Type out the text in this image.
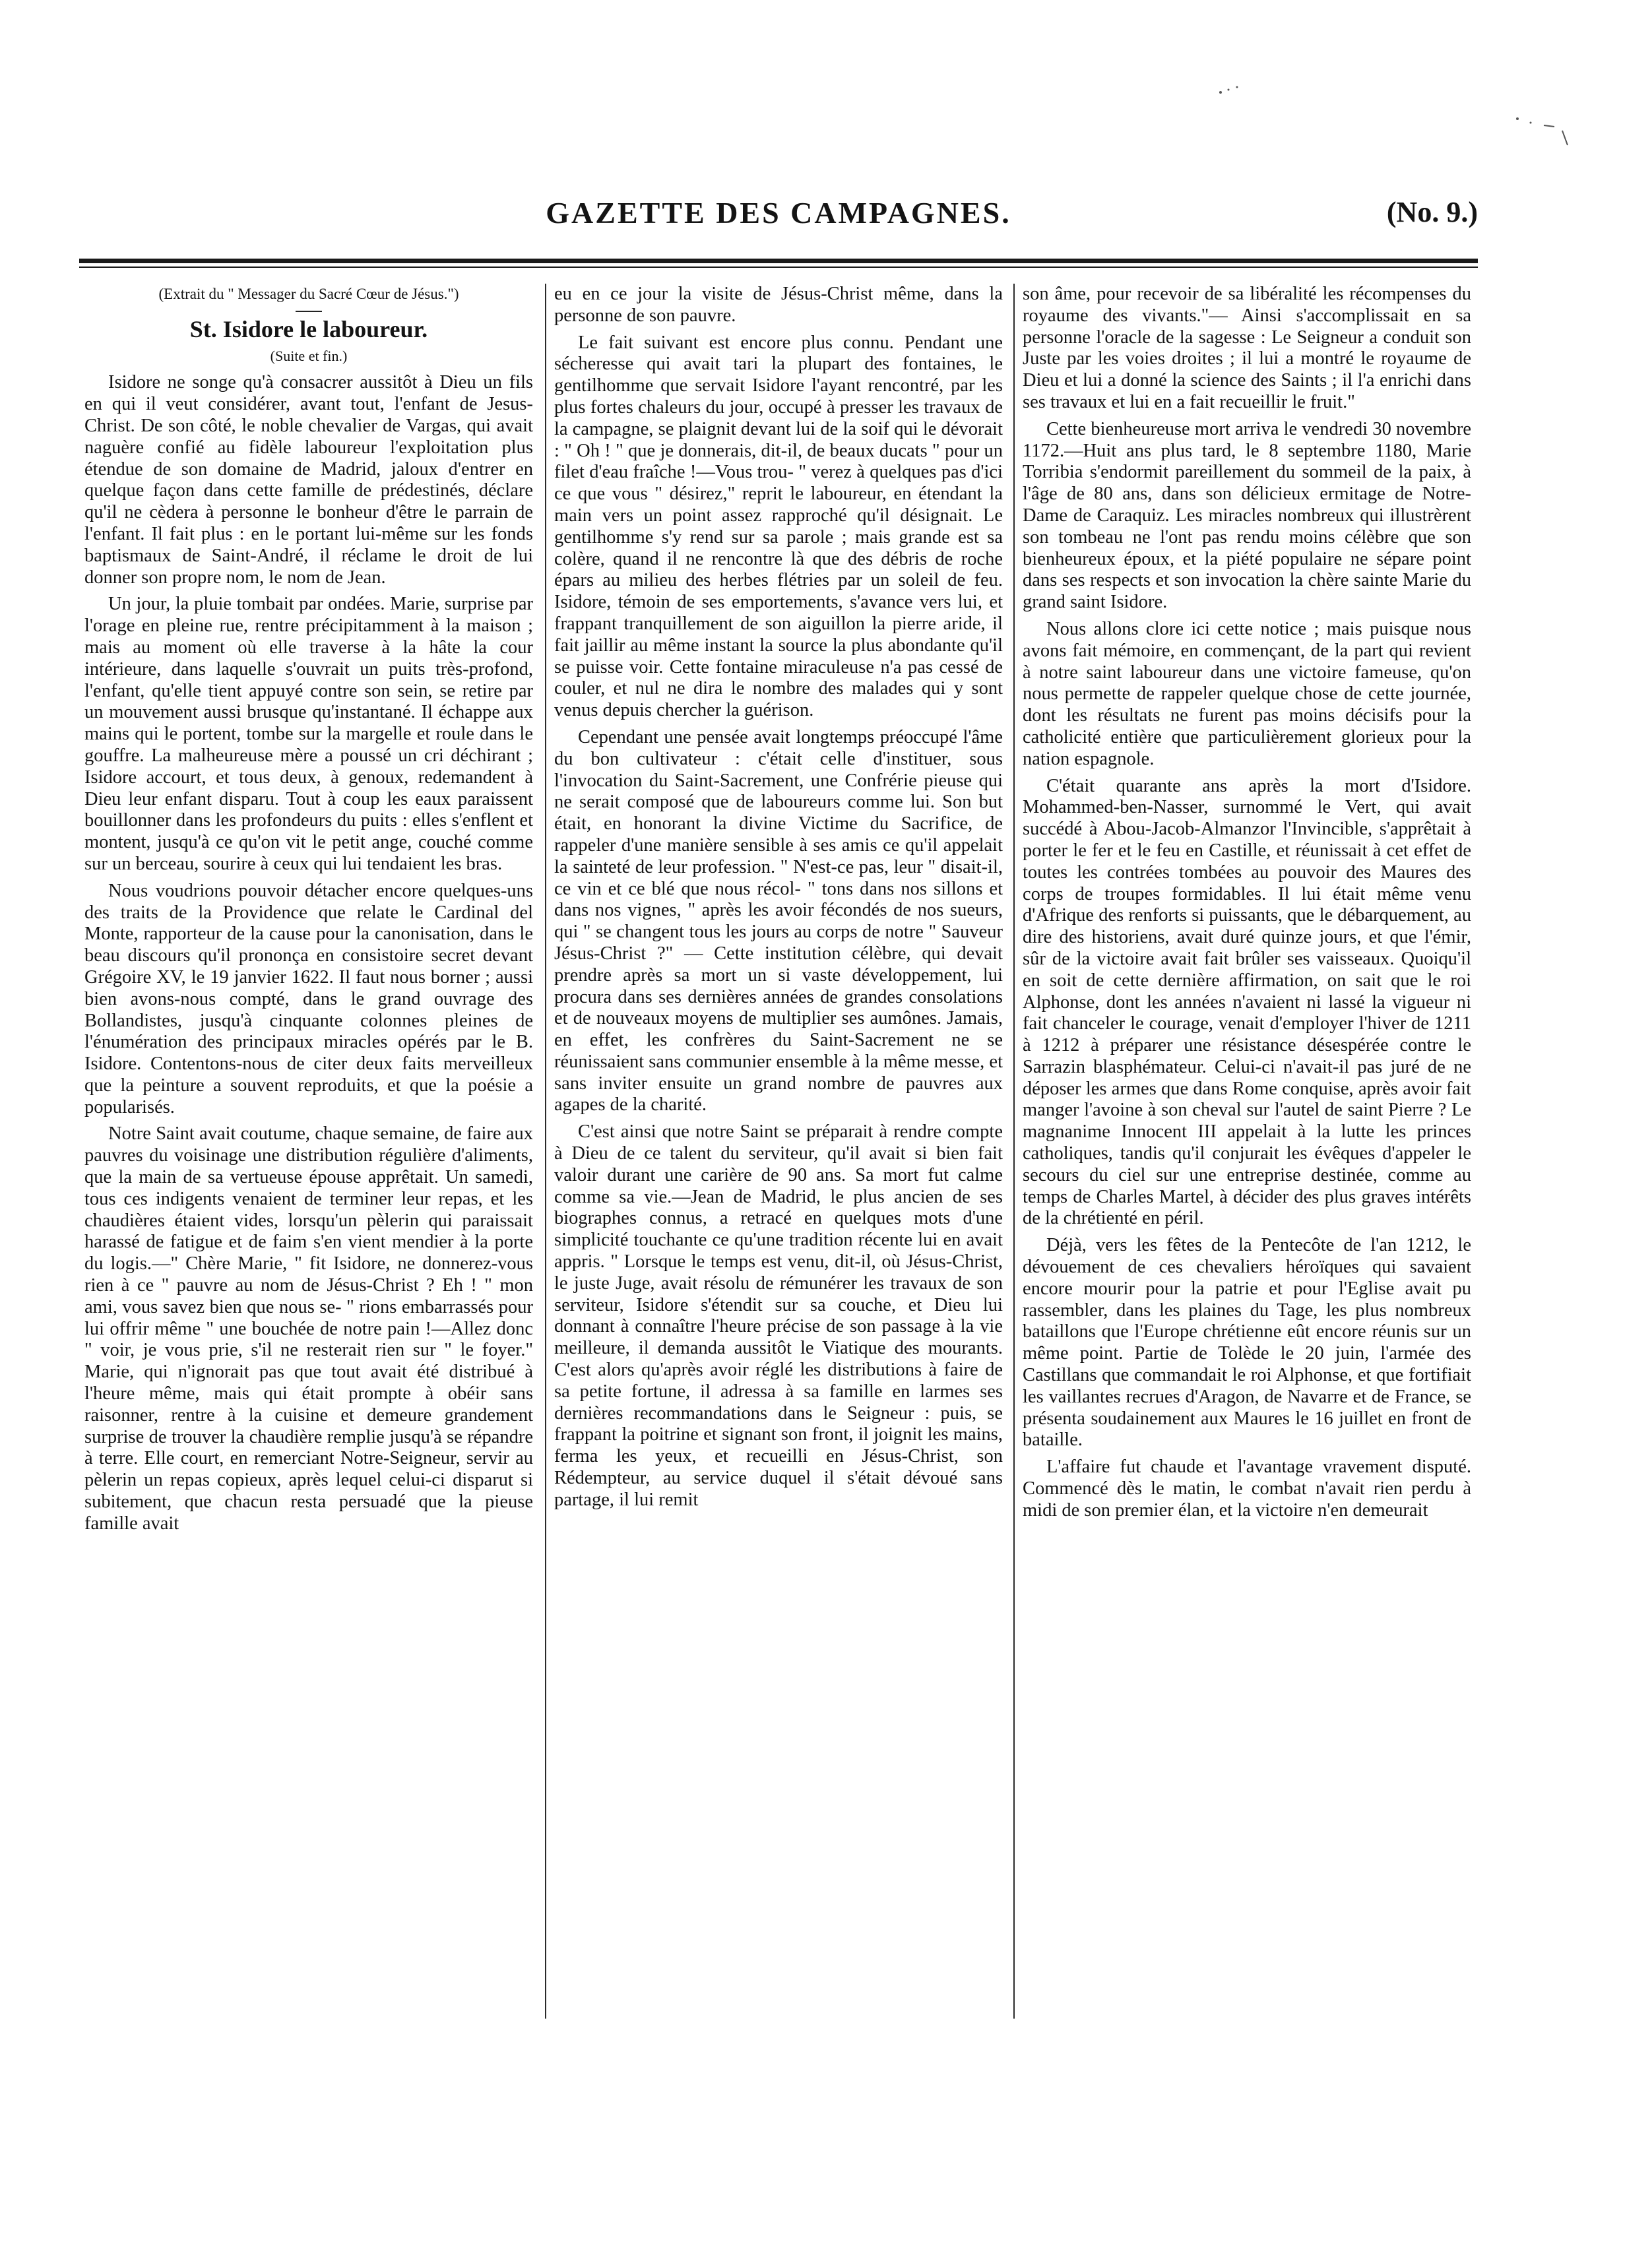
GAZETTE DES CAMPAGNES.	(No. 9.)

(Extrait du " Messager du Sacré Cœur de Jésus.")

St. Isidore le laboureur.

(Suite et fin.)

Isidore ne songe qu'à consacrer aussitôt à Dieu un fils en qui il veut considérer, avant tout, l'enfant de Jesus-Christ. De son côté, le noble chevalier de Vargas, qui avait naguère confié au fidèle laboureur l'exploitation plus étendue de son domaine de Madrid, jaloux d'entrer en quelque façon dans cette famille de prédestinés, déclare qu'il ne cèdera à personne le bonheur d'être le parrain de l'enfant. Il fait plus : en le portant lui-même sur les fonds baptismaux de Saint-André, il réclame le droit de lui donner son propre nom, le nom de Jean.

Un jour, la pluie tombait par ondées. Marie, surprise par l'orage en pleine rue, rentre précipitamment à la maison ; mais au moment où elle traverse à la hâte la cour intérieure, dans laquelle s'ouvrait un puits très-profond, l'enfant, qu'elle tient appuyé contre son sein, se retire par un mouvement aussi brusque qu'instantané. Il échappe aux mains qui le portent, tombe sur la margelle et roule dans le gouffre. La malheureuse mère a poussé un cri déchirant ; Isidore accourt, et tous deux, à genoux, redemandent à Dieu leur enfant disparu. Tout à coup les eaux paraissent bouillonner dans les profondeurs du puits : elles s'enflent et montent, jusqu'à ce qu'on vit le petit ange, couché comme sur un berceau, sourire à ceux qui lui tendaient les bras.

Nous voudrions pouvoir détacher encore quelques-uns des traits de la Providence que relate le Cardinal del Monte, rapporteur de la cause pour la canonisation, dans le beau discours qu'il prononça en consistoire secret devant Grégoire XV, le 19 janvier 1622. Il faut nous borner ; aussi bien avons-nous compté, dans le grand ouvrage des Bollandistes, jusqu'à cinquante colonnes pleines de l'énumération des principaux miracles opérés par le B. Isidore. Contentons-nous de citer deux faits merveilleux que la peinture a souvent reproduits, et que la poésie a popularisés.

Notre Saint avait coutume, chaque semaine, de faire aux pauvres du voisinage une distribution régulière d'aliments, que la main de sa vertueuse épouse apprêtait. Un samedi, tous ces indigents venaient de terminer leur repas, et les chaudières étaient vides, lorsqu'un pèlerin qui paraissait harassé de fatigue et de faim s'en vient mendier à la porte du logis.—" Chère Marie, " fit Isidore, ne donnerez-vous rien à ce " pauvre au nom de Jésus-Christ ? Eh ! " mon ami, vous savez bien que nous se- " rions embarrassés pour lui offrir même " une bouchée de notre pain !—Allez donc " voir, je vous prie, s'il ne resterait rien sur " le foyer." Marie, qui n'ignorait pas que tout avait été distribué à l'heure même, mais qui était prompte à obéir sans raisonner, rentre à la cuisine et demeure grandement surprise de trouver la chaudière remplie jusqu'à se répandre à terre. Elle court, en remerciant Notre-Seigneur, servir au pèlerin un repas copieux, après lequel celui-ci disparut si subitement, que chacun resta persuadé que la pieuse famille avait

eu en ce jour la visite de Jésus-Christ même, dans la personne de son pauvre.

Le fait suivant est encore plus connu. Pendant une sécheresse qui avait tari la plupart des fontaines, le gentilhomme que servait Isidore l'ayant rencontré, par les plus fortes chaleurs du jour, occupé à presser les travaux de la campagne, se plaignit devant lui de la soif qui le dévorait : " Oh ! " que je donnerais, dit-il, de beaux ducats " pour un filet d'eau fraîche !—Vous trou- " verez à quelques pas d'ici ce que vous " désirez," reprit le laboureur, en étendant la main vers un point assez rapproché qu'il désignait. Le gentilhomme s'y rend sur sa parole ; mais grande est sa colère, quand il ne rencontre là que des débris de roche épars au milieu des herbes flétries par un soleil de feu. Isidore, témoin de ses emportements, s'avance vers lui, et frappant tranquillement de son aiguillon la pierre aride, il fait jaillir au même instant la source la plus abondante qu'il se puisse voir. Cette fontaine miraculeuse n'a pas cessé de couler, et nul ne dira le nombre des malades qui y sont venus depuis chercher la guérison.

Cependant une pensée avait longtemps préoccupé l'âme du bon cultivateur : c'était celle d'instituer, sous l'invocation du Saint-Sacrement, une Confrérie pieuse qui ne serait composé que de laboureurs comme lui. Son but était, en honorant la divine Victime du Sacrifice, de rappeler d'une manière sensible à ses amis ce qu'il appelait la sainteté de leur profession. " N'est-ce pas, leur " disait-il, ce vin et ce blé que nous récol- " tons dans nos sillons et dans nos vignes, " après les avoir fécondés de nos sueurs, qui " se changent tous les jours au corps de notre " Sauveur Jésus-Christ ?" — Cette institution célèbre, qui devait prendre après sa mort un si vaste développement, lui procura dans ses dernières années de grandes consolations et de nouveaux moyens de multiplier ses aumônes. Jamais, en effet, les confrères du Saint-Sacrement ne se réunissaient sans communier ensemble à la même messe, et sans inviter ensuite un grand nombre de pauvres aux agapes de la charité.

C'est ainsi que notre Saint se préparait à rendre compte à Dieu de ce talent du serviteur, qu'il avait si bien fait valoir durant une carière de 90 ans. Sa mort fut calme comme sa vie.—Jean de Madrid, le plus ancien de ses biographes connus, a retracé en quelques mots d'une simplicité touchante ce qu'une tradition récente lui en avait appris. " Lorsque le temps est venu, dit-il, où Jésus-Christ, le juste Juge, avait résolu de rémunérer les travaux de son serviteur, Isidore s'étendit sur sa couche, et Dieu lui donnant à connaître l'heure précise de son passage à la vie meilleure, il demanda aussitôt le Viatique des mourants. C'est alors qu'après avoir réglé les distributions à faire de sa petite fortune, il adressa à sa famille en larmes ses dernières recommandations dans le Seigneur : puis, se frappant la poitrine et signant son front, il joignit les mains, ferma les yeux, et recueilli en Jésus-Christ, son Rédempteur, au service duquel il s'était dévoué sans partage, il lui remit

son âme, pour recevoir de sa libéralité les récompenses du royaume des vivants."— Ainsi s'accomplissait en sa personne l'oracle de la sagesse : Le Seigneur a conduit son Juste par les voies droites ; il lui a montré le royaume de Dieu et lui a donné la science des Saints ; il l'a enrichi dans ses travaux et lui en a fait recueillir le fruit."

Cette bienheureuse mort arriva le vendredi 30 novembre 1172.—Huit ans plus tard, le 8 septembre 1180, Marie Torribia s'endormit pareillement du sommeil de la paix, à l'âge de 80 ans, dans son délicieux ermitage de Notre-Dame de Caraquiz. Les miracles nombreux qui illustrèrent son tombeau ne l'ont pas rendu moins célèbre que son bienheureux époux, et la piété populaire ne sépare point dans ses respects et son invocation la chère sainte Marie du grand saint Isidore.

Nous allons clore ici cette notice ; mais puisque nous avons fait mémoire, en commençant, de la part qui revient à notre saint laboureur dans une victoire fameuse, qu'on nous permette de rappeler quelque chose de cette journée, dont les résultats ne furent pas moins décisifs pour la catholicité entière que particulièrement glorieux pour la nation espagnole.

C'était quarante ans après la mort d'Isidore. Mohammed-ben-Nasser, surnommé le Vert, qui avait succédé à Abou-Jacob-Almanzor l'Invincible, s'apprêtait à porter le fer et le feu en Castille, et réunissait à cet effet de toutes les contrées tombées au pouvoir des Maures des corps de troupes formidables. Il lui était même venu d'Afrique des renforts si puissants, que le débarquement, au dire des historiens, avait duré quinze jours, et que l'émir, sûr de la victoire avait fait brûler ses vaisseaux. Quoiqu'il en soit de cette dernière affirmation, on sait que le roi Alphonse, dont les années n'avaient ni lassé la vigueur ni fait chanceler le courage, venait d'employer l'hiver de 1211 à 1212 à préparer une résistance désespérée contre le Sarrazin blasphémateur. Celui-ci n'avait-il pas juré de ne déposer les armes que dans Rome conquise, après avoir fait manger l'avoine à son cheval sur l'autel de saint Pierre ? Le magnanime Innocent III appelait à la lutte les princes catholiques, tandis qu'il conjurait les évêques d'appeler le secours du ciel sur une entreprise destinée, comme au temps de Charles Martel, à décider des plus graves intérêts de la chrétienté en péril.

Déjà, vers les fêtes de la Pentecôte de l'an 1212, le dévouement de ces chevaliers héroïques qui savaient encore mourir pour la patrie et pour l'Eglise avait pu rassembler, dans les plaines du Tage, les plus nombreux bataillons que l'Europe chrétienne eût encore réunis sur un même point. Partie de Tolède le 20 juin, l'armée des Castillans que commandait le roi Alphonse, et que fortifiait les vaillantes recrues d'Aragon, de Navarre et de France, se présenta soudainement aux Maures le 16 juillet en front de bataille.

L'affaire fut chaude et l'avantage vravement disputé. Commencé dès le matin, le combat n'avait rien perdu à midi de son premier élan, et la victoire n'en demeurait
